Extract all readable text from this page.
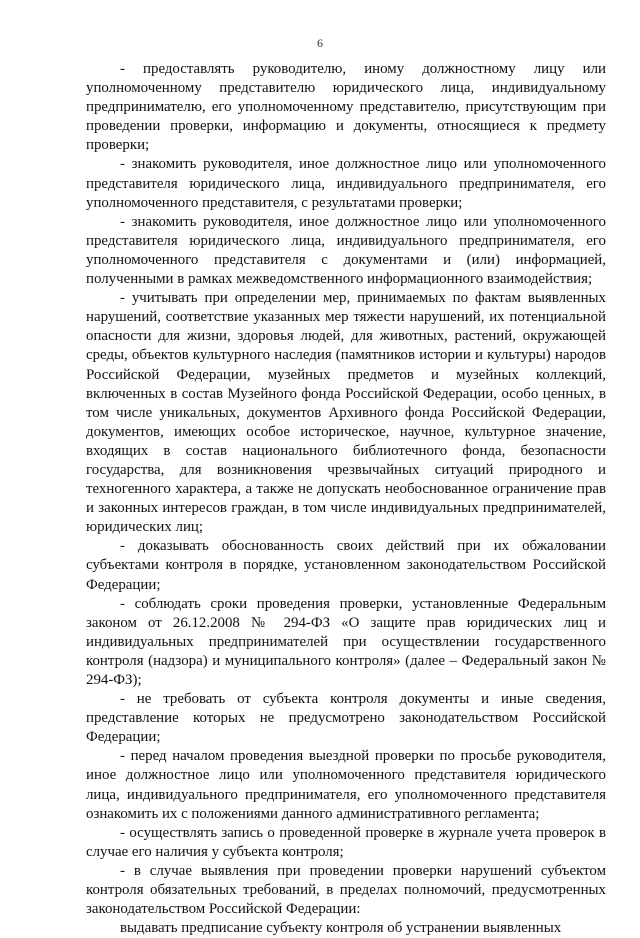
6

- предоставлять руководителю, иному должностному лицу или уполномоченному представителю юридического лица, индивидуальному предпринимателю, его уполномоченному представителю, присутствующим при проведении проверки, информацию и документы, относящиеся к предмету проверки;

- знакомить руководителя, иное должностное лицо или уполномоченного представителя юридического лица, индивидуального предпринимателя, его уполномоченного представителя, с результатами проверки;

- знакомить руководителя, иное должностное лицо или уполномоченного представителя юридического лица, индивидуального предпринимателя, его уполномоченного представителя с документами и (или) информацией, полученными в рамках межведомственного информационного взаимодействия;

- учитывать при определении мер, принимаемых по фактам выявленных нарушений, соответствие указанных мер тяжести нарушений, их потенциальной опасности для жизни, здоровья людей, для животных, растений, окружающей среды, объектов культурного наследия (памятников истории и культуры) народов Российской Федерации, музейных предметов и музейных коллекций, включенных в состав Музейного фонда Российской Федерации, особо ценных, в том числе уникальных, документов Архивного фонда Российской Федерации, документов, имеющих особое историческое, научное, культурное значение, входящих в состав национального библиотечного фонда, безопасности государства, для возникновения чрезвычайных ситуаций природного и техногенного характера, а также не допускать необоснованное ограничение прав и законных интересов граждан, в том числе индивидуальных предпринимателей, юридических лиц;

- доказывать обоснованность своих действий при их обжаловании субъектами контроля в порядке, установленном законодательством Российской Федерации;

- соблюдать сроки проведения проверки, установленные Федеральным законом от 26.12.2008 № 294-ФЗ «О защите прав юридических лиц и индивидуальных предпринимателей при осуществлении государственного контроля (надзора) и муниципального контроля» (далее – Федеральный закон № 294-ФЗ);

- не требовать от субъекта контроля документы и иные сведения, представление которых не предусмотрено законодательством Российской Федерации;

- перед началом проведения выездной проверки по просьбе руководителя, иное должностное лицо или уполномоченного представителя юридического лица, индивидуального предпринимателя, его уполномоченного представителя ознакомить их с положениями данного административного регламента;

- осуществлять запись о проведенной проверке в журнале учета проверок в случае его наличия у субъекта контроля;

- в случае выявления при проведении проверки нарушений субъектом контроля обязательных требований, в пределах полномочий, предусмотренных законодательством Российской Федерации:

выдавать предписание субъекту контроля об устранении выявленных
